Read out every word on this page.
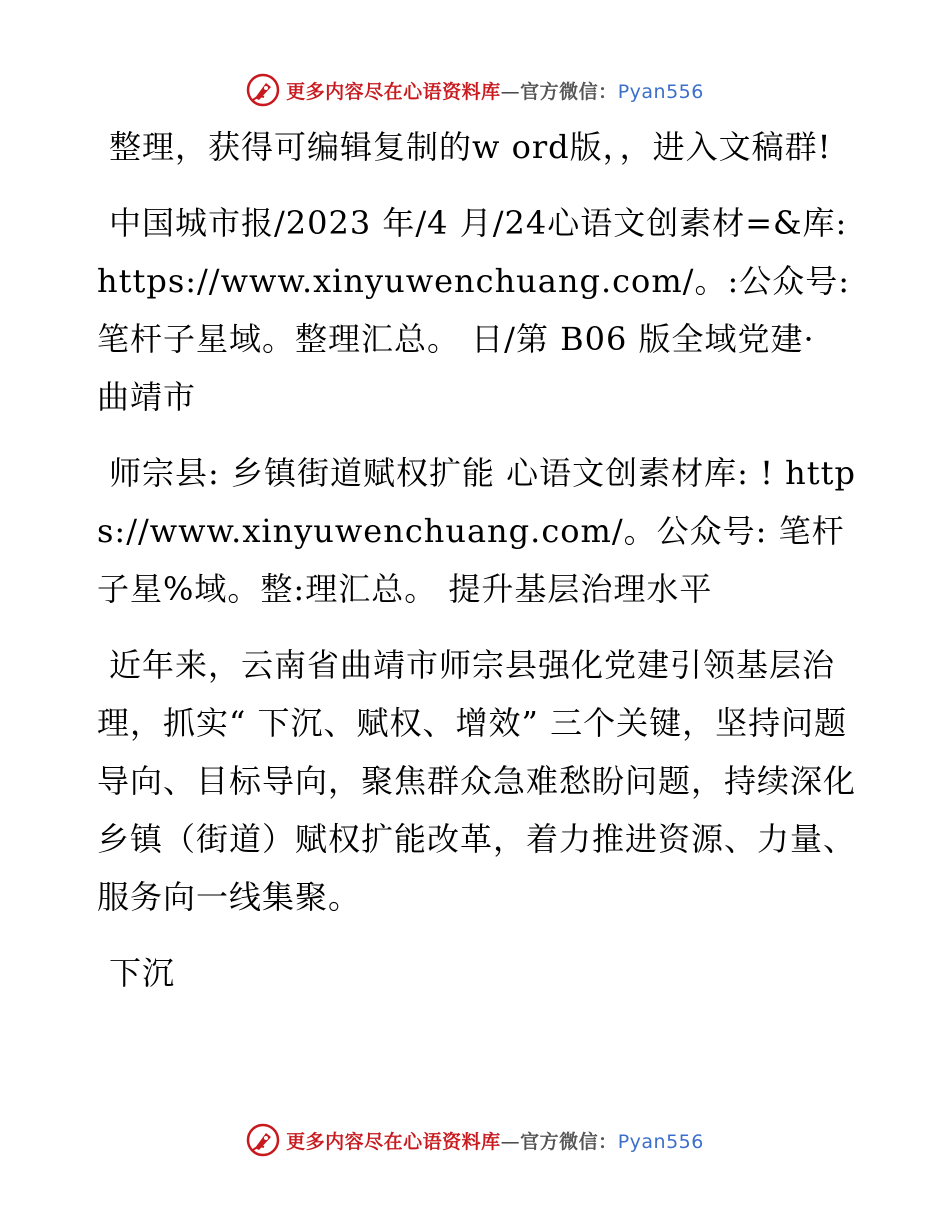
更多内容尽在心语资料库—官方微信：Pyan556

整理，获得可编辑复制的w ord版，，进入文稿群!

中国城市报/2023 年/4 月/24心语文创素材=&库: https://www.xinyuwenchuang.com/。:公众号: 笔杆子星域。整理汇总。 日/第 B06 版全域党建· 曲靖市

师宗县: 乡镇街道赋权扩能 心语文创素材库: ! https://www.xinyuwenchuang.com/。公众号: 笔杆子星%域。整:理汇总。 提升基层治理水平

近年来，云南省曲靖市师宗县强化党建引领基层治理，抓实“ 下沉、赋权、增效” 三个关键，坚持问题导向、目标导向，聚焦群众急难愁盼问题，持续深化乡镇（街道）赋权扩能改革，着力推进资源、力量、服务向一线集聚。

下沉

更多内容尽在心语资料库—官方微信：Pyan556
